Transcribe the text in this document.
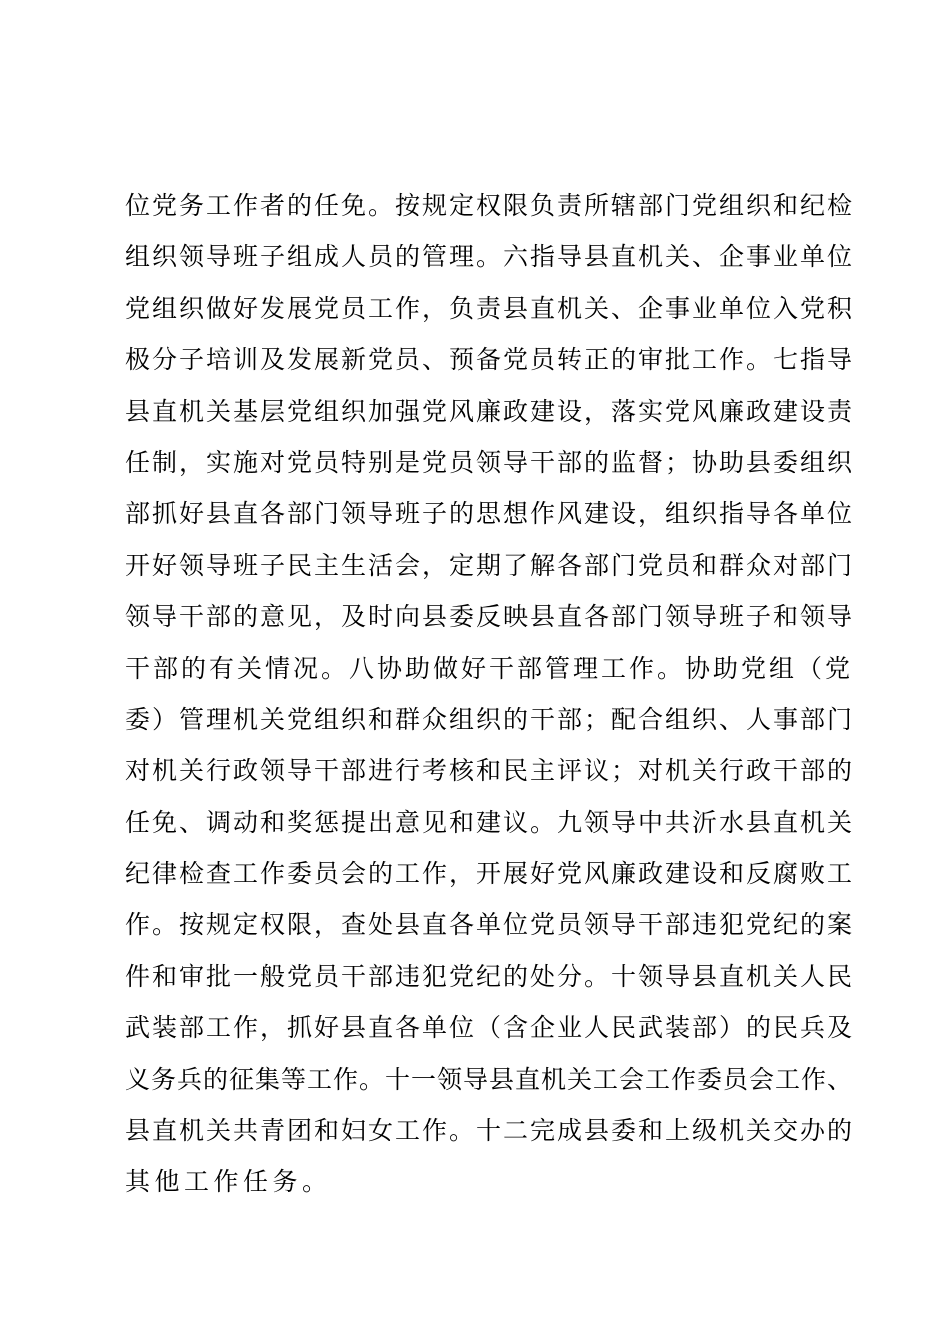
位党务工作者的任免。按规定权限负责所辖部门党组织和纪检
组织领导班子组成人员的管理。六指导县直机关、企事业单位
党组织做好发展党员工作，负责县直机关、企事业单位入党积
极分子培训及发展新党员、预备党员转正的审批工作。七指导
县直机关基层党组织加强党风廉政建设，落实党风廉政建设责
任制，实施对党员特别是党员领导干部的监督；协助县委组织
部抓好县直各部门领导班子的思想作风建设，组织指导各单位
开好领导班子民主生活会，定期了解各部门党员和群众对部门
领导干部的意见，及时向县委反映县直各部门领导班子和领导
干部的有关情况。八协助做好干部管理工作。协助党组（党
委）管理机关党组织和群众组织的干部；配合组织、人事部门
对机关行政领导干部进行考核和民主评议；对机关行政干部的
任免、调动和奖惩提出意见和建议。九领导中共沂水县直机关
纪律检查工作委员会的工作，开展好党风廉政建设和反腐败工
作。按规定权限，查处县直各单位党员领导干部违犯党纪的案
件和审批一般党员干部违犯党纪的处分。十领导县直机关人民
武装部工作，抓好县直各单位（含企业人民武装部）的民兵及
义务兵的征集等工作。十一领导县直机关工会工作委员会工作、
县直机关共青团和妇女工作。十二完成县委和上级机关交办的
其他工作任务。
